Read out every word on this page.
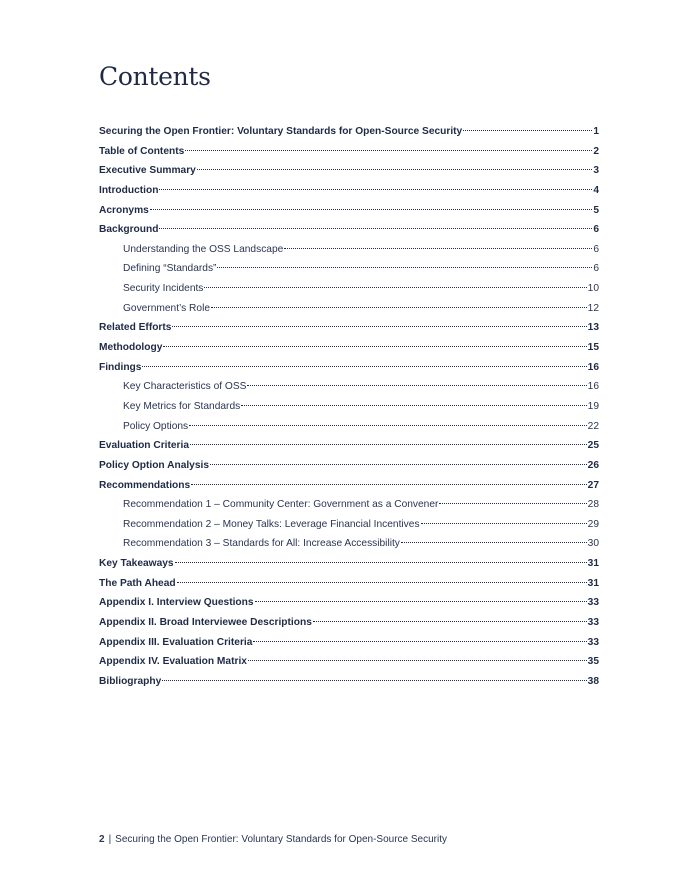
Contents
Securing the Open Frontier: Voluntary Standards for Open-Source Security	1
Table of Contents	2
Executive Summary	3
Introduction	4
Acronyms	5
Background	6
Understanding the OSS Landscape	6
Defining “Standards”	6
Security Incidents	10
Government’s Role	12
Related Efforts	13
Methodology	15
Findings	16
Key Characteristics of OSS	16
Key Metrics for Standards	19
Policy Options	22
Evaluation Criteria	25
Policy Option Analysis	26
Recommendations	27
Recommendation 1 – Community Center: Government as a Convener	28
Recommendation 2 – Money Talks: Leverage Financial Incentives	29
Recommendation 3 – Standards for All: Increase Accessibility	30
Key Takeaways	31
The Path Ahead	31
Appendix I. Interview Questions	33
Appendix II. Broad Interviewee Descriptions	33
Appendix III. Evaluation Criteria	33
Appendix IV. Evaluation Matrix	35
Bibliography	38
2 | Securing the Open Frontier: Voluntary Standards for Open-Source Security
